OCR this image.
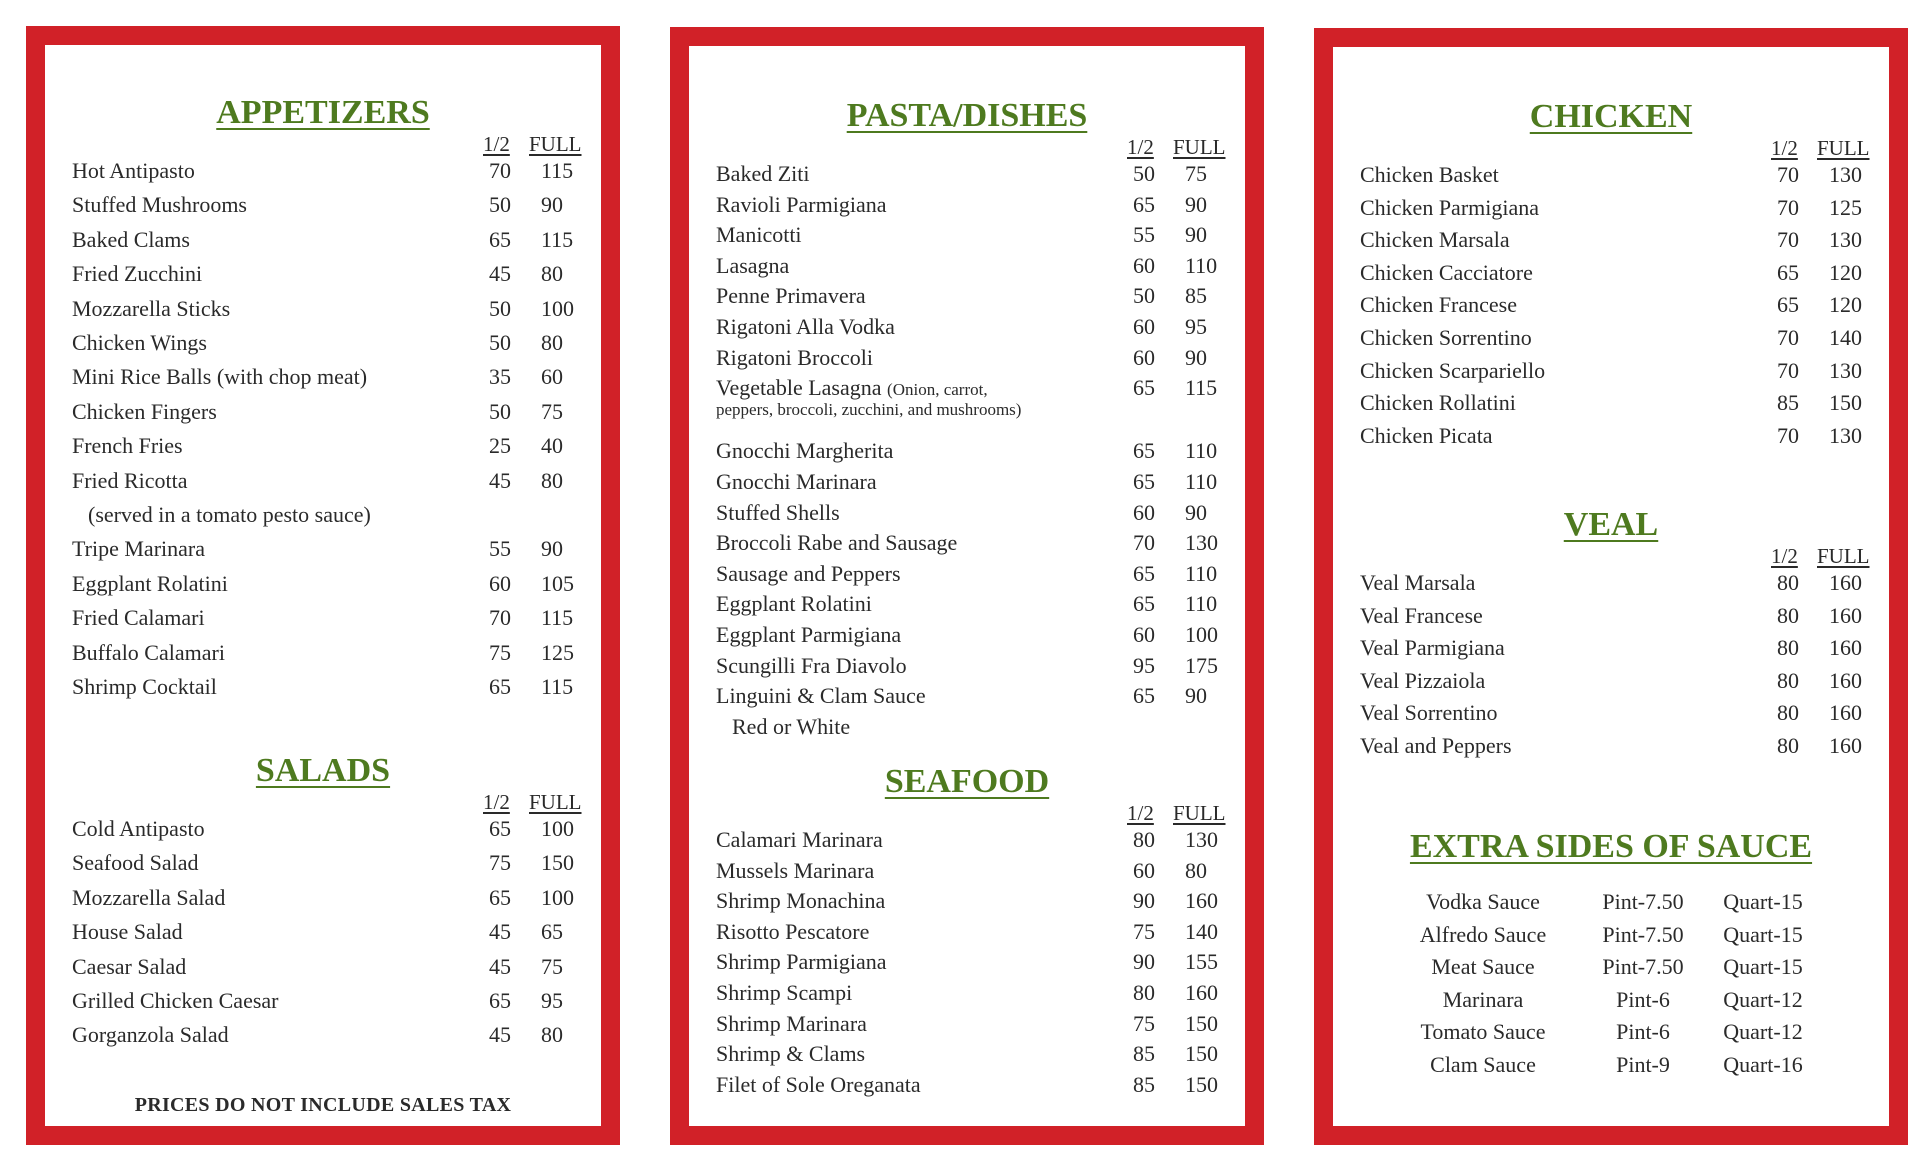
APPETIZERS
1/2 FULL
Hot Antipasto	70 115
Stuffed Mushrooms	50 90
Baked Clams	65 115
Fried Zucchini	45 80
Mozzarella Sticks	50 100
Chicken Wings	50 80
Mini Rice Balls (with chop meat)	35 60
Chicken Fingers	50 75
French Fries	25 40
Fried Ricotta	45 80
(served in a tomato pesto sauce)
Tripe Marinara	55 90
Eggplant Rolatini	60 105
Fried Calamari	70 115
Buffalo Calamari	75 125
Shrimp Cocktail	65 115
SALADS
1/2 FULL
Cold Antipasto	65 100
Seafood Salad	75 150
Mozzarella Salad	65 100
House Salad	45 65
Caesar Salad	45 75
Grilled Chicken Caesar	65 95
Gorganzola Salad	45 80
PRICES DO NOT INCLUDE SALES TAX
PASTA/DISHES
1/2 FULL
Baked Ziti	50 75
Ravioli Parmigiana	65 90
Manicotti	55 90
Lasagna	60 110
Penne Primavera	50 85
Rigatoni Alla Vodka	60 95
Rigatoni Broccoli	60 90
Vegetable Lasagna (Onion, carrot,	65 115
peppers, broccoli, zucchini, and mushrooms)
Gnocchi Margherita	65 110
Gnocchi Marinara	65 110
Stuffed Shells	60 90
Broccoli Rabe and Sausage	70 130
Sausage and Peppers	65 110
Eggplant Rolatini	65 110
Eggplant Parmigiana	60 100
Scungilli Fra Diavolo	95 175
Linguini & Clam Sauce	65 90
Red or White
SEAFOOD
1/2 FULL
Calamari Marinara	80 130
Mussels Marinara	60 80
Shrimp Monachina	90 160
Risotto Pescatore	75 140
Shrimp Parmigiana	90 155
Shrimp Scampi	80 160
Shrimp Marinara	75 150
Shrimp & Clams	85 150
Filet of Sole Oreganata	85 150
CHICKEN
1/2 FULL
Chicken Basket	70 130
Chicken Parmigiana	70 125
Chicken Marsala	70 130
Chicken Cacciatore	65 120
Chicken Francese	65 120
Chicken Sorrentino	70 140
Chicken Scarpariello	70 130
Chicken Rollatini	85 150
Chicken Picata	70 130
VEAL
1/2 FULL
Veal Marsala	80 160
Veal Francese	80 160
Veal Parmigiana	80 160
Veal Pizzaiola	80 160
Veal Sorrentino	80 160
Veal and Peppers	80 160
EXTRA SIDES OF SAUCE
Vodka Sauce	Pint-7.50	Quart-15
Alfredo Sauce	Pint-7.50	Quart-15
Meat Sauce	Pint-7.50	Quart-15
Marinara	Pint-6	Quart-12
Tomato Sauce	Pint-6	Quart-12
Clam Sauce	Pint-9	Quart-16
